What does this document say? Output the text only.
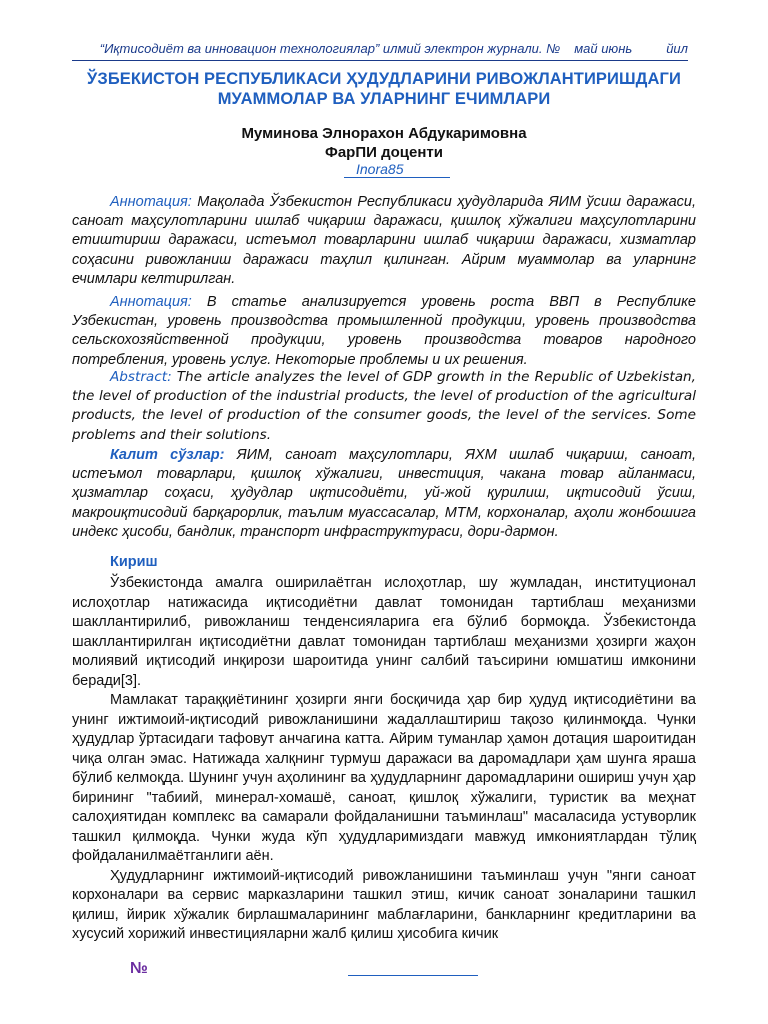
“Иқтисодиёт ва инновацион технологиялар” илмий электрон журнали. № май июнь	йил
ЎЗБЕКИСТОН РЕСПУБЛИКАСИ ҲУДУДЛАРИНИ РИВОЖЛАНТИРИШДАГИ МУАММОЛАР ВА УЛАРНИНГ ЕЧИМЛАРИ
Муминова Элнорахон Абдукаримовна
ФарПИ доценти
Inora85

Аннотация: Мақолада Ўзбекистон Республикаси ҳудудларида ЯИМ ўсиш даражаси, саноат маҳсулотларини ишлаб чиқариш даражаси, қишлоқ хўжалиги маҳсулотларини етиштириш даражаси, истеъмол товарларини ишлаб чиқариш даражаси, хизматлар соҳасини ривожланиш даражаси таҳлил қилинган. Айрим муаммолар ва уларнинг ечимлари келтирилган.

Аннотация: В статье анализируется уровень роста ВВП в Республике Узбекистан, уровень производства промышленной продукции, уровень производства сельскохозяйственной продукции, уровень производства товаров народного потребления, уровень услуг. Некоторые проблемы и их решения.

Abstract: The article analyzes the level of GDP growth in the Republic of Uzbekistan, the level of production of the industrial products, the level of production of the agricultural products, the level of production of the consumer goods, the level of the services. Some problems and their solutions.

Калит сўзлар: ЯИМ, саноат маҳсулотлари, ЯХМ ишлаб чиқариш, саноат, истеъмол товарлари, қишлоқ хўжалиги, инвестиция, чакана товар айланмаси, ҳизматлар соҳаси, ҳудудлар иқтисодиёти, уй-жой қурилиш, иқтисодий ўсиш, макроиқтисодий барқарорлик, таълим муассасалар, МТМ, корхоналар, аҳоли жонбошига индекс ҳисоби, бандлик, транспорт инфраструктураси, дори-дармон.

Кириш

Ўзбекистонда амалга оширилаётган ислоҳотлар, шу жумладан, институционал ислоҳотлар натижасида иқтисодиётни давлат томонидан тартиблаш меҳанизми шакллантирилиб, ривожланиш тенденсияларига ега бўлиб бормоқда. Ўзбекистонда шакллантирилган иқтисодиётни давлат томонидан тартиблаш меҳанизми ҳозирги жаҳон молиявий иқтисодий инқирози шароитида унинг салбий таъсирини юмшатиш имконини беради[3].

Мамлакат тараққиётининг ҳозирги янги босқичида ҳар бир ҳудуд иқтисодиётини ва унинг ижтимоий-иқтисодий ривожланишини жадаллаштириш тақозо қилинмоқда. Чунки ҳудудлар ўртасидаги тафовут анчагина катта. Айрим туманлар ҳамон дотация шароитидан чиқа олган эмас. Натижада халқнинг турмуш даражаси ва даромадлари ҳам шунга яраша бўлиб келмоқда. Шунинг учун аҳолининг ва ҳудудларнинг даромадларини ошириш учун ҳар бирининг "табиий, минерал-хомашё, саноат, қишлоқ хўжалиги, туристик ва меҳнат салоҳиятидан комплекс ва самарали фойдаланишни таъминлаш" масаласида устуворлик ташкил қилмоқда. Чунки жуда кўп ҳудудларимиздаги мавжуд имкониятлардан тўлиқ фойдаланилмаётганлиги аён.

Ҳудудларнинг ижтимоий-иқтисодий ривожланишини таъминлаш учун "янги саноат корхоналари ва сервис марказларини ташкил этиш, кичик саноат зоналарини ташкил қилиш, йирик хўжалик бирлашмаларининг маблағларини, банкларнинг кредитларини ва хусусий хорижий инвестицияларни жалб қилиш ҳисобига кичик

№
